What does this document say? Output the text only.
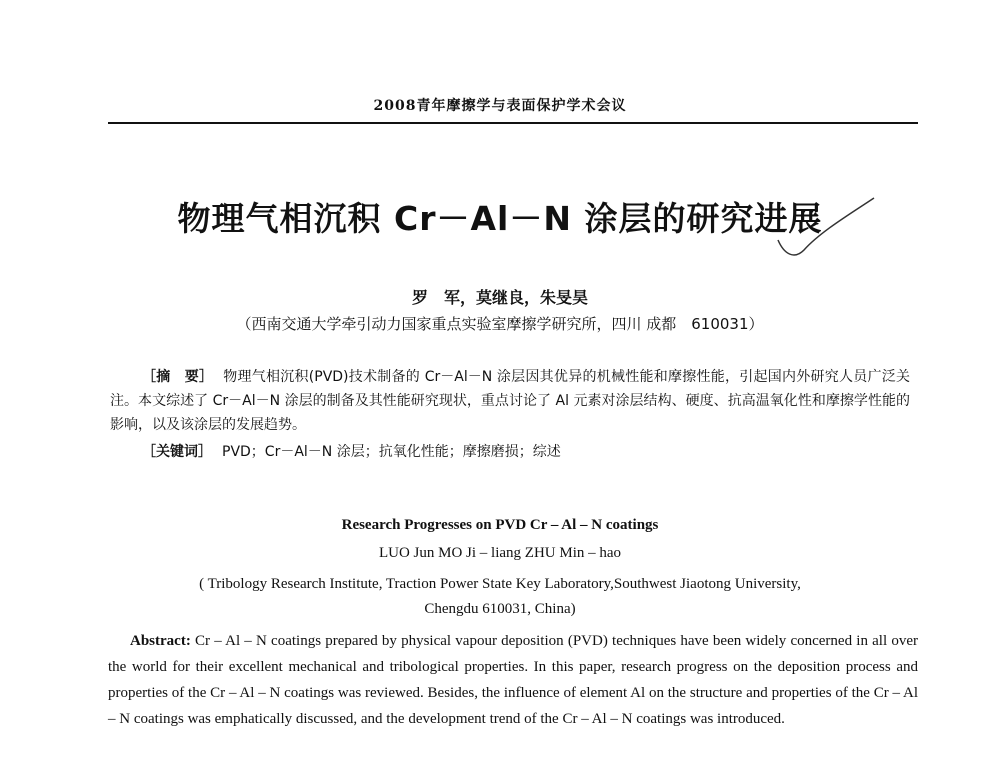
2008青年摩擦学与表面保护学术会议
物理气相沉积 Cr－Al－N 涂层的研究进展
罗　军，莫继良，朱旻昊
（西南交通大学牵引动力国家重点实验室摩擦学研究所，四川 成都　610031）
［摘　要］ 物理气相沉积(PVD)技术制备的 Cr－Al－N 涂层因其优异的机械性能和摩擦性能，引起国内外研究人员广泛关注。本文综述了 Cr－Al－N 涂层的制备及其性能研究现状，重点讨论了 Al 元素对涂层结构、硬度、抗高温氧化性和摩擦学性能的影响，以及该涂层的发展趋势。
［关键词］ PVD；Cr－Al－N 涂层；抗氧化性能；摩擦磨损；综述
Research Progresses on PVD Cr – Al – N coatings
LUO Jun MO Ji – liang ZHU Min – hao
( Tribology Research Institute, Traction Power State Key Laboratory,Southwest Jiaotong University,
Chengdu 610031, China)
Abstract: Cr – Al – N coatings prepared by physical vapour deposition (PVD) techniques have been widely concerned in all over the world for their excellent mechanical and tribological properties. In this paper, research progress on the deposition process and properties of the Cr – Al – N coatings was reviewed. Besides, the influence of element Al on the structure and properties of the Cr – Al – N coatings was emphatically discussed, and the development trend of the Cr – Al – N coatings was introduced.
